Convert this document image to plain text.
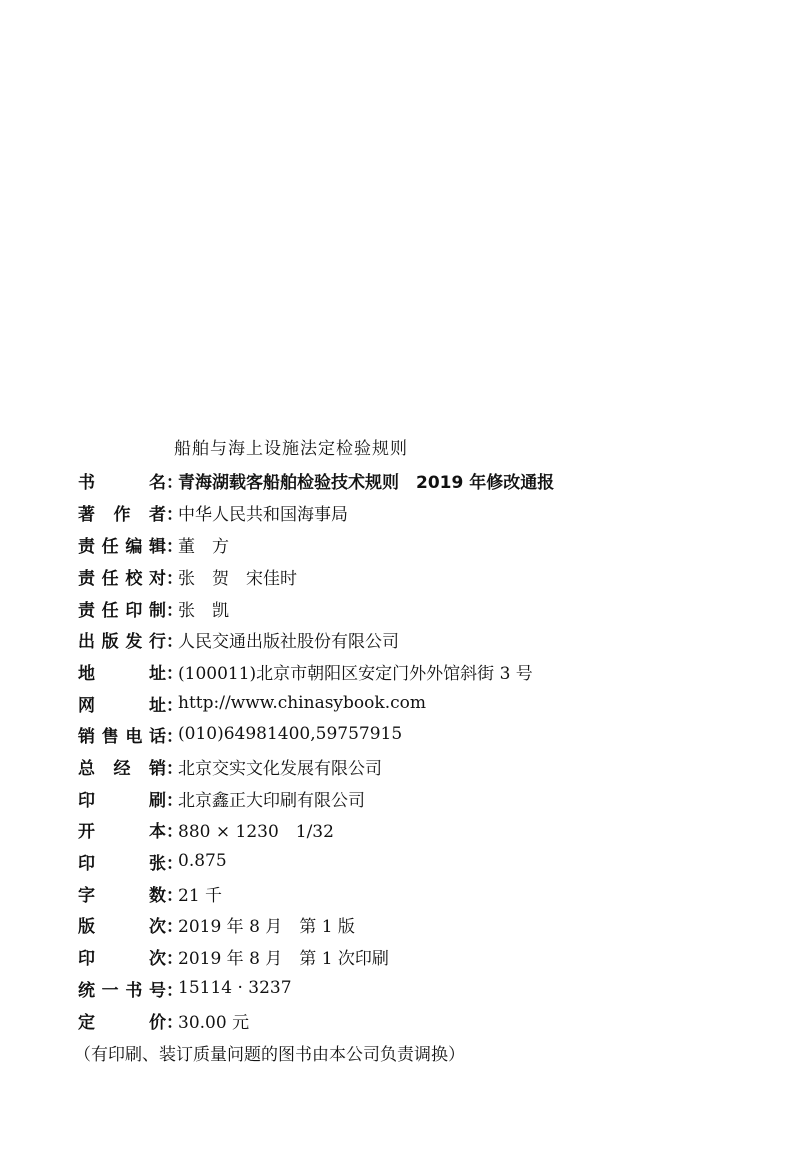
船舶与海上设施法定检验规则
书　名 ：
青海湖载客船舶检验技术规则　2019 年修改通报
著作者 ：
中华人民共和国海事局
责任编辑 ：
董　方
责任校对 ：
张　贺　宋佳时
责任印制 ：
张　凯
出版发行 ：
人民交通出版社股份有限公司
地　址 ：
(100011)北京市朝阳区安定门外外馆斜街 3 号
网　址 ：
http://www.chinasybook.com
销售电话 ：
(010)64981400,59757915
总经销 ：
北京交实文化发展有限公司
印　刷 ：
北京鑫正大印刷有限公司
开　本 ：
880 × 1230　1/32
印　张 ：
0.875
字　数 ：
21 千
版　次 ：
2019 年 8 月　第 1 版
印　次 ：
2019 年 8 月　第 1 次印刷
统一书号 ：
15114 · 3237
定　价 ：
30.00 元
（有印刷、装订质量问题的图书由本公司负责调换）
